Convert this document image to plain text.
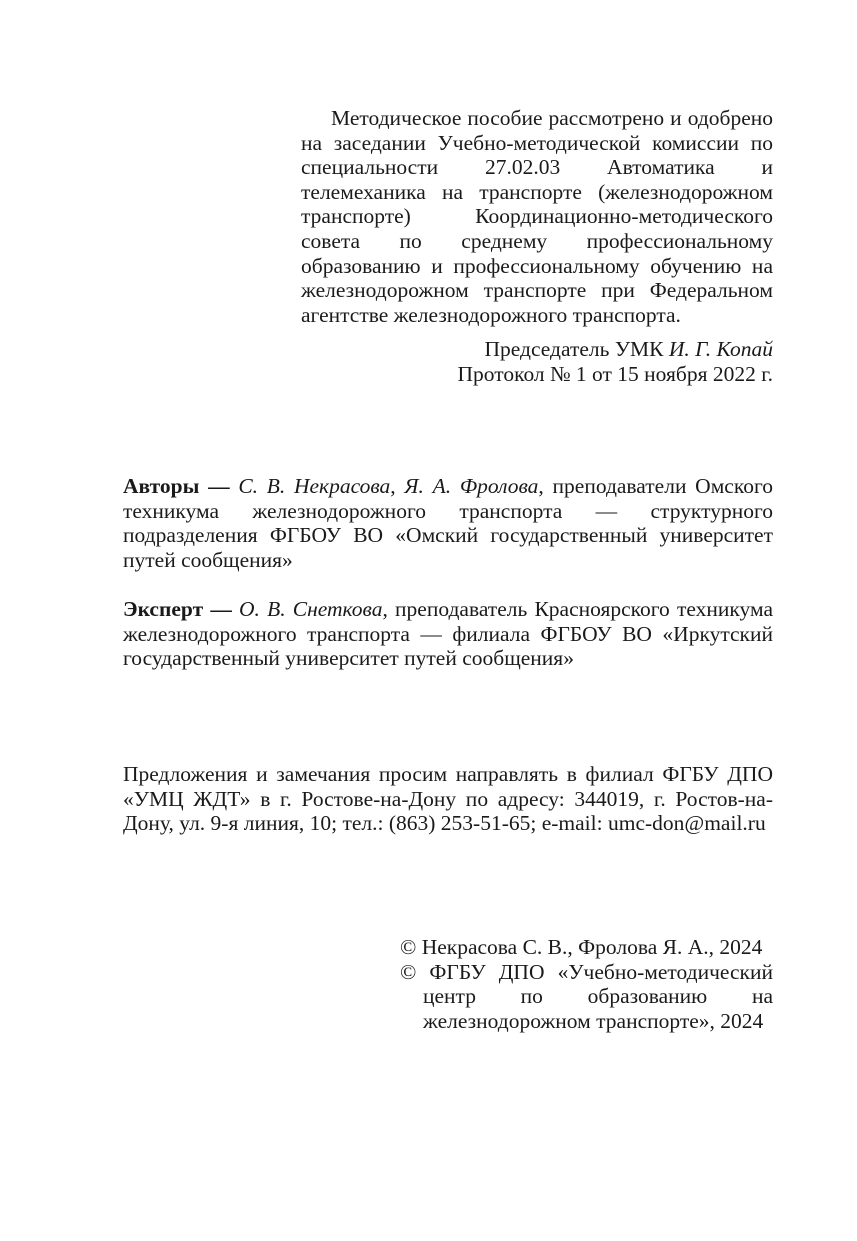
Методическое пособие рассмотрено и одобрено на заседании Учебно-методической комиссии по специальности 27.02.03 Автоматика и телемеханика на транспорте (железнодорожном транспорте) Координационно-методического совета по среднему профессиональному образованию и профессиональному обучению на железнодорожном транспорте при Федеральном агентстве железнодорожного транспорта.
Председатель УМК И. Г. Копай
Протокол № 1 от 15 ноября 2022 г.
Авторы — С. В. Некрасова, Я. А. Фролова, преподаватели Омского техникума железнодорожного транспорта — структурного подразделения ФГБОУ ВО «Омский государственный университет путей сообщения»
Эксперт — О. В. Снеткова, преподаватель Красноярского техникума железнодорожного транспорта — филиала ФГБОУ ВО «Иркутский государственный университет путей сообщения»
Предложения и замечания просим направлять в филиал ФГБУ ДПО «УМЦ ЖДТ» в г. Ростове-на-Дону по адресу: 344019, г. Ростов-на-Дону, ул. 9-я линия, 10; тел.: (863) 253-51-65; e-mail: umc-don@mail.ru
© Некрасова С. В., Фролова Я. А., 2024
© ФГБУ ДПО «Учебно-методический центр по образованию на железнодорожном транспорте», 2024
